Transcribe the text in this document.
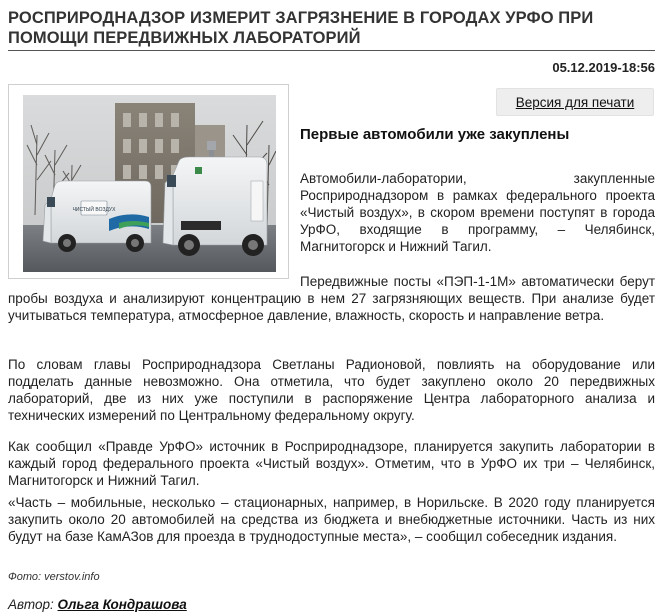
РОСПРИРОДНАДЗОР ИЗМЕРИТ ЗАГРЯЗНЕНИЕ В ГОРОДАХ УРФО ПРИ ПОМОЩИ ПЕРЕДВИЖНЫХ ЛАБОРАТОРИЙ
05.12.2019-18:56
ЧИСТЫЙ ВОЗДУХ
Версия для печати
Первые автомобили уже закуплены

Автомобили-лаборатории, закупленные Росприроднадзором в рамках федерального проекта «Чистый воздух», в скором времени поступят в города УрФО, входящие в программу, – Челябинск, Магнитогорск и Нижний Тагил.

Передвижные посты «ПЭП-1-1М» автоматически берут пробы воздуха и анализируют концентрацию в нем 27 загрязняющих веществ. При анализе будет учитываться температура, атмосферное давление, влажность, скорость и направление ветра.

По словам главы Росприроднадзора Светланы Радионовой, повлиять на оборудование или подделать данные невозможно. Она отметила, что будет закуплено около 20 передвижных лабораторий, две из них уже поступили в распоряжение Центра лабораторного анализа и технических измерений по Центральному федеральному округу.

Как сообщил «Правде УрФО» источник в Росприроднадзоре, планируется закупить лаборатории в каждый город федерального проекта «Чистый воздух». Отметим, что в УрФО их три – Челябинск, Магнитогорск и Нижний Тагил.

«Часть – мобильные, несколько – стационарных, например, в Норильске. В 2020 году планируется закупить около 20 автомобилей на средства из бюджета и внебюджетные источники. Часть из них будут на базе КамАЗов для проезда в труднодоступные места», – сообщил собеседник издания.

Фото: verstov.info
Автор: Ольга Кондрашова
